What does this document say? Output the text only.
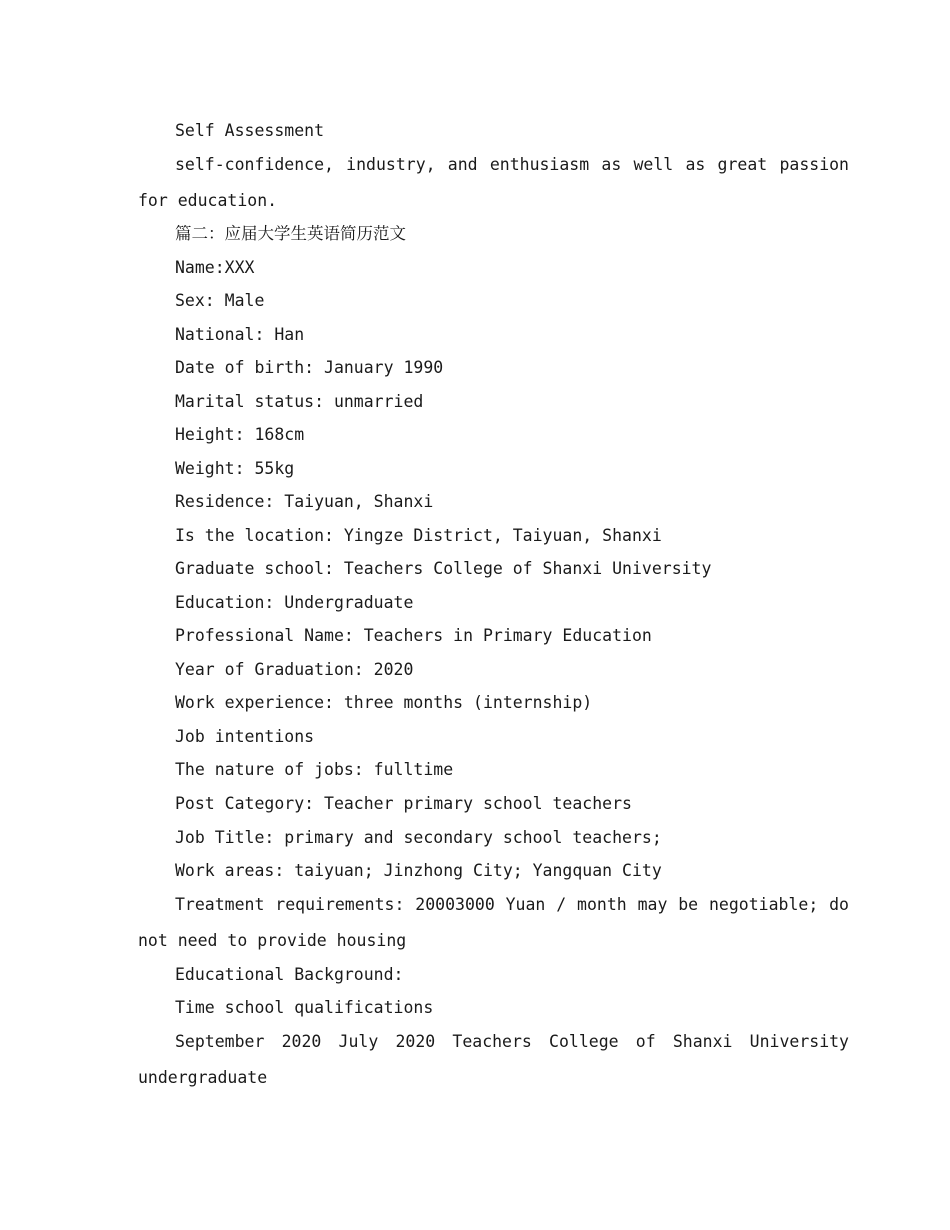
Self Assessment
self-confidence, industry, and enthusiasm as well as great passion
for education.
篇二：应届大学生英语简历范文
Name:XXX
Sex: Male
National: Han
Date of birth: January 1990
Marital status: unmarried
Height: 168cm
Weight: 55kg
Residence: Taiyuan, Shanxi
Is the location: Yingze District, Taiyuan, Shanxi
Graduate school: Teachers College of Shanxi University
Education: Undergraduate
Professional Name: Teachers in Primary Education
Year of Graduation: 2020
Work experience: three months (internship)
Job intentions
The nature of jobs: fulltime
Post Category: Teacher primary school teachers
Job Title: primary and secondary school teachers;
Work areas: taiyuan; Jinzhong City; Yangquan City
Treatment requirements: 20003000 Yuan / month may be negotiable; do
not need to provide housing
Educational Background:
Time school qualifications
September 2020 July 2020 Teachers College of Shanxi University
undergraduate
